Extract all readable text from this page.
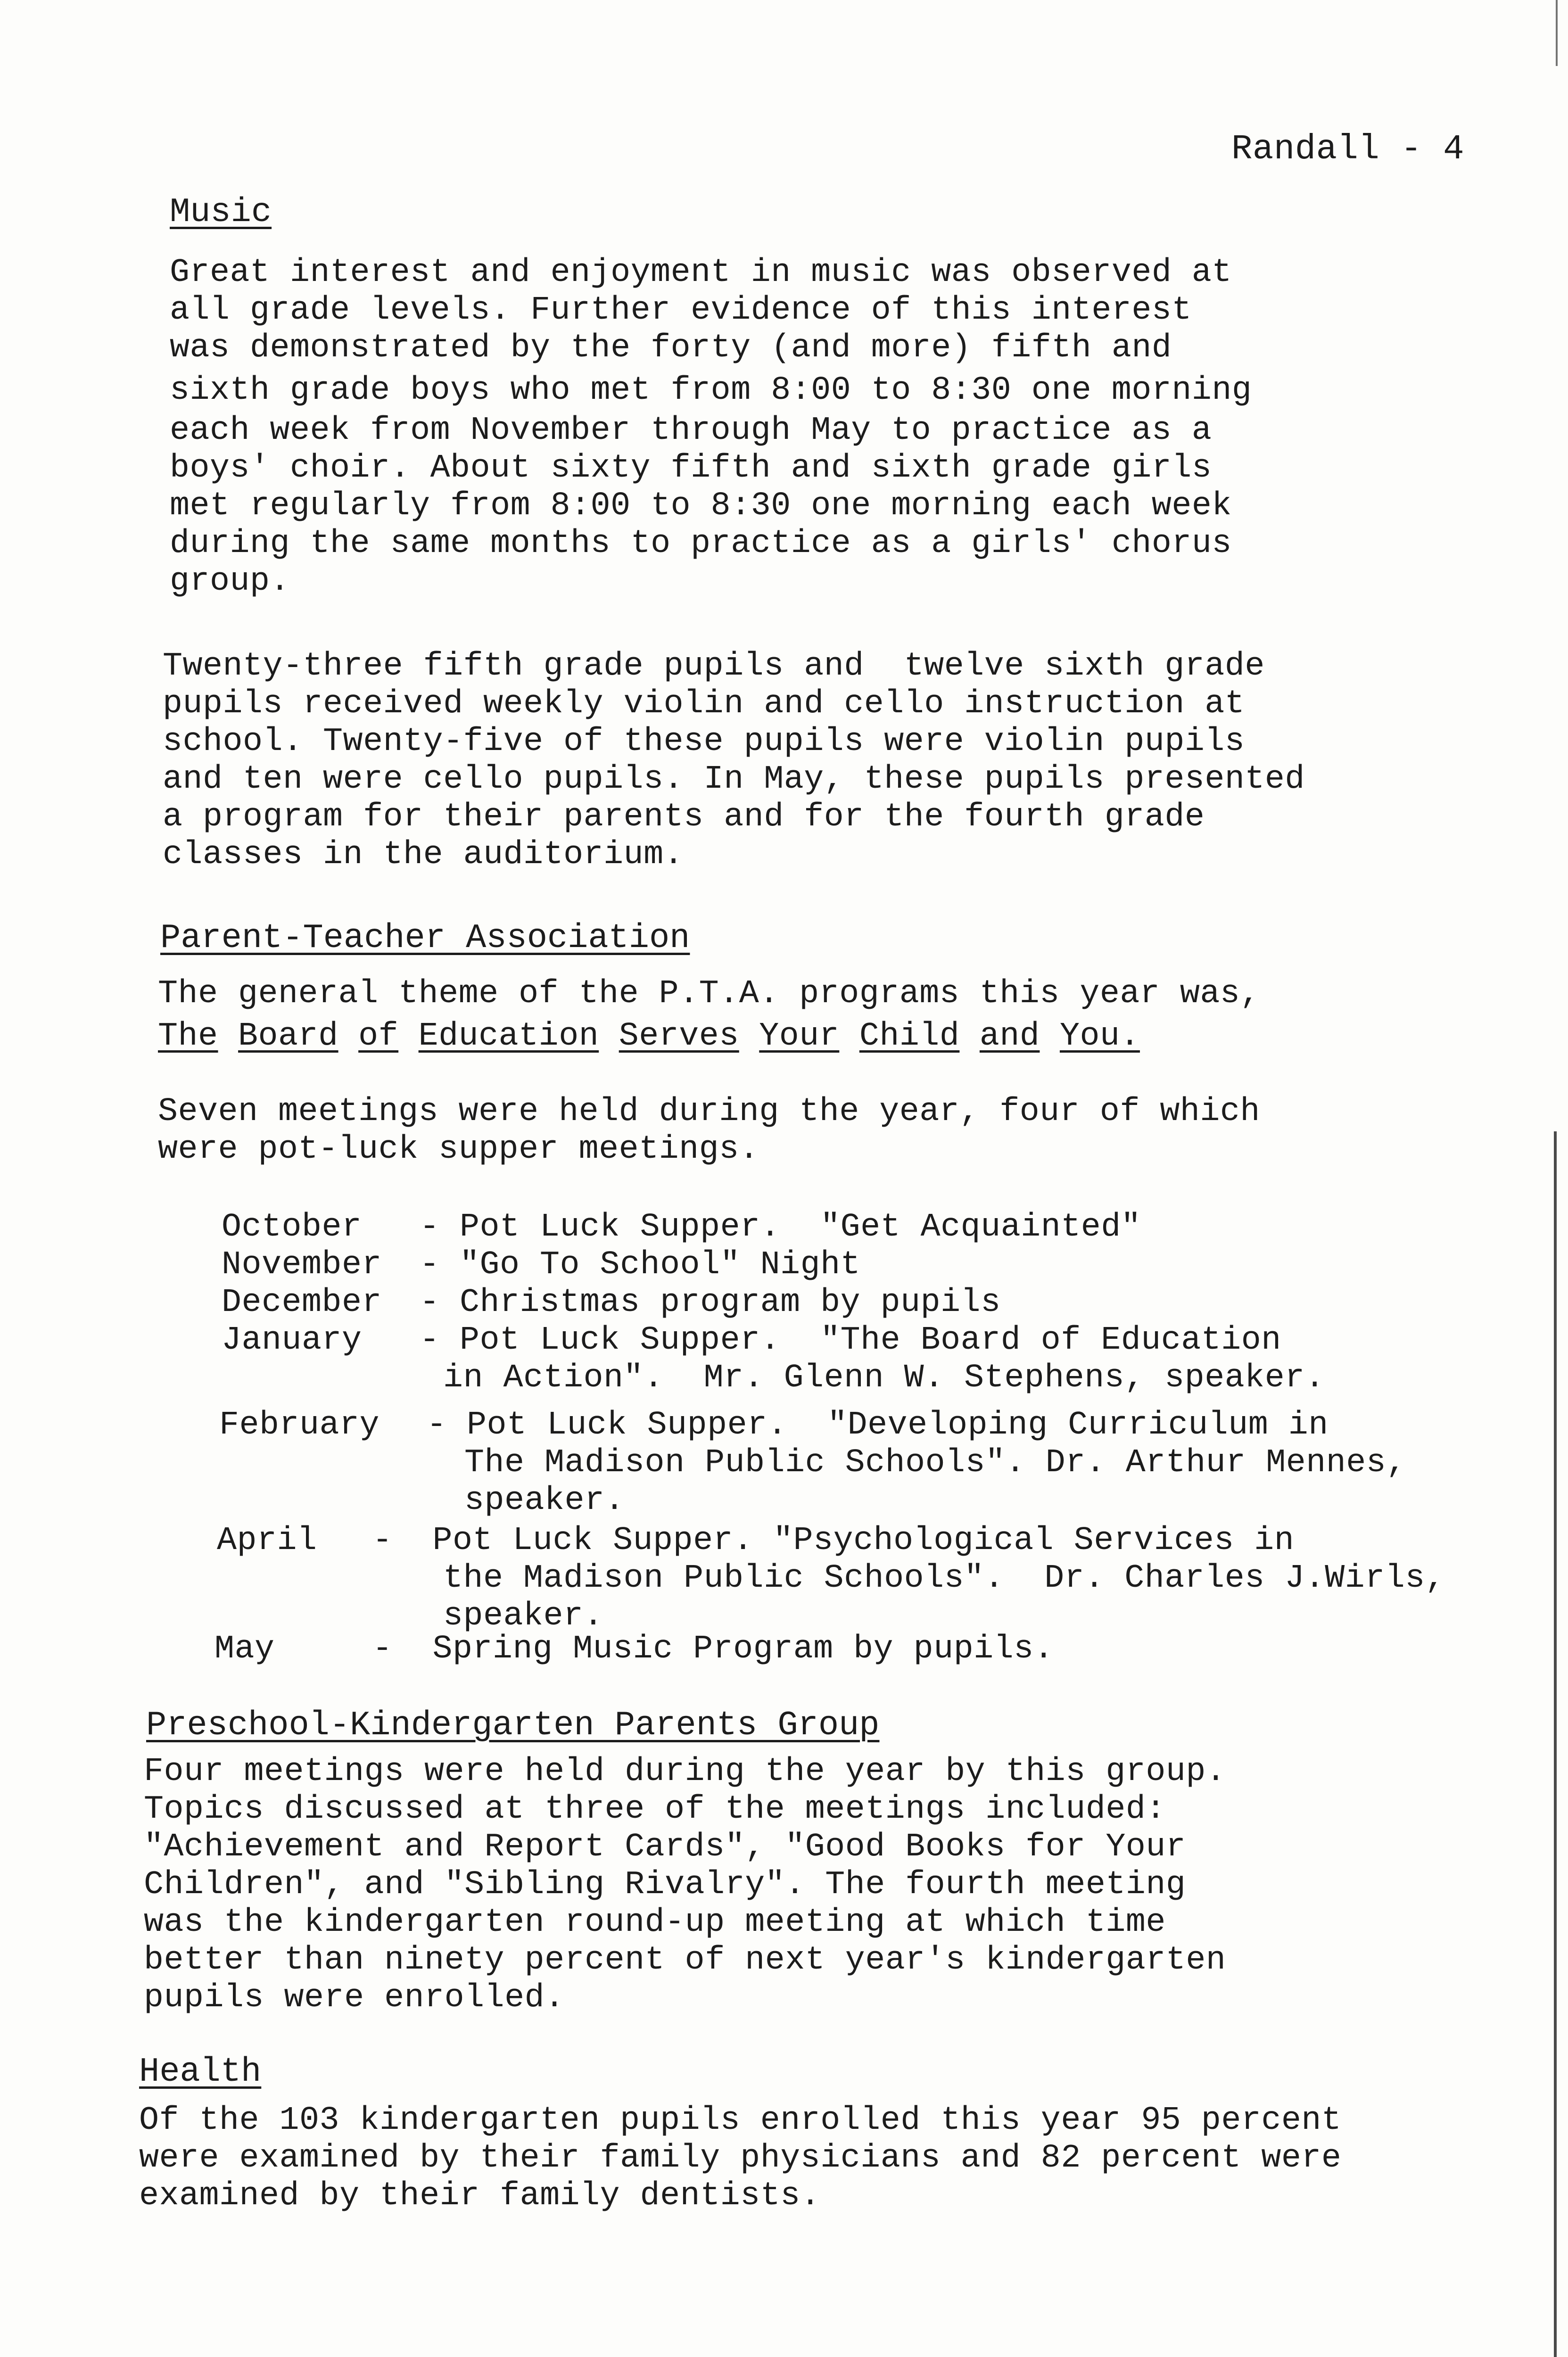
Randall - 4
Music
Great interest and enjoyment in music was observed at
all grade levels. Further evidence of this interest
was demonstrated by the forty (and more) fifth and
sixth grade boys who met from 8:00 to 8:30 one morning
each week from November through May to practice as a
boys' choir. About sixty fifth and sixth grade girls
met regularly from 8:00 to 8:30 one morning each week
during the same months to practice as a girls' chorus
group.
Twenty-three fifth grade pupils and  twelve sixth grade
pupils received weekly violin and cello instruction at
school. Twenty-five of these pupils were violin pupils
and ten were cello pupils. In May, these pupils presented
a program for their parents and for the fourth grade
classes in the auditorium.
Parent-Teacher Association
The general theme of the P.T.A. programs this year was,
The Board of Education Serves Your Child and You.
Seven meetings were held during the year, four of which
were pot-luck supper meetings.
October - Pot Luck Supper.  "Get Acquainted"
November - "Go To School" Night
December - Christmas program by pupils
January - Pot Luck Supper.  "The Board of Education
in Action".  Mr. Glenn W. Stephens, speaker.
February - Pot Luck Supper.  "Developing Curriculum in
The Madison Public Schools". Dr. Arthur Mennes,
speaker.
April -  Pot Luck Supper. "Psychological Services in
the Madison Public Schools".  Dr. Charles J.Wirls,
speaker.
May	-  Spring Music Program by pupils.
Preschool-Kindergarten Parents Group
Four meetings were held during the year by this group.
Topics discussed at three of the meetings included:
"Achievement and Report Cards", "Good Books for Your
Children", and "Sibling Rivalry". The fourth meeting
was the kindergarten round-up meeting at which time
better than ninety percent of next year's kindergarten
pupils were enrolled.
Health
Of the 103 kindergarten pupils enrolled this year 95 percent
were examined by their family physicians and 82 percent were
examined by their family dentists.
